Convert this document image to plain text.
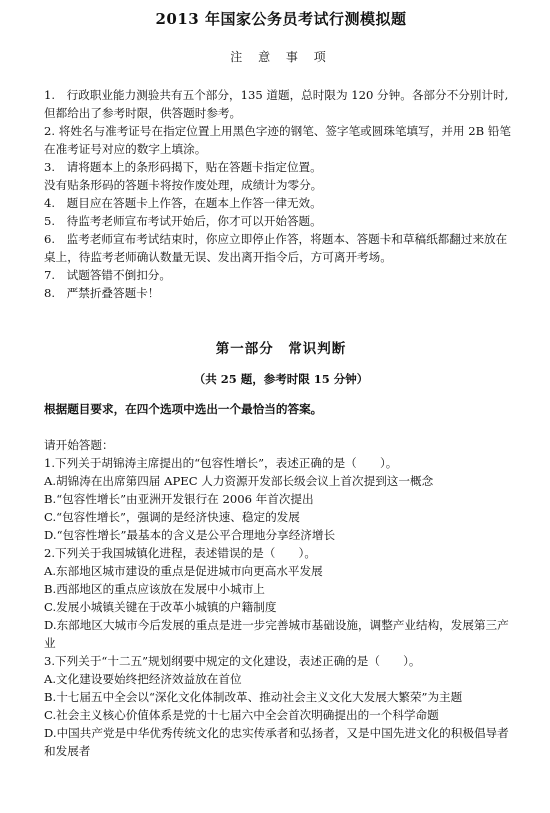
2013 年国家公务员考试行测模拟题
注 意 事 项

1.　行政职业能力测验共有五个部分，135 道题，总时限为 120 分钟。各部分不分别计时,但都给出了参考时限，供答题时参考。

2. 将姓名与准考证号在指定位置上用黑色字迹的钢笔、签字笔或圆珠笔填写，并用 2B 铅笔在准考证号对应的数字上填涂。

3.　请将题本上的条形码揭下，贴在答题卡指定位置。

没有贴条形码的答题卡将按作废处理，成绩计为零分。

4.　题目应在答题卡上作答，在题本上作答一律无效。

5.　待监考老师宣布考试开始后，你才可以开始答题。

6.　监考老师宣布考试结束时，你应立即停止作答，将题本、答题卡和草稿纸都翻过来放在桌上，待监考老师确认数量无误、发出离开指令后，方可离开考场。

7.　试题答错不倒扣分。

8.　严禁折叠答题卡！

第一部分　常识判断
（共 25 题，参考时限 15 分钟）

根据题目要求，在四个选项中选出一个最恰当的答案。

请开始答题：

1.下列关于胡锦涛主席提出的“包容性增长”，表述正确的是（　　）。

A.胡锦涛在出席第四届 APEC 人力资源开发部长级会议上首次提到这一概念

B.“包容性增长”由亚洲开发银行在 2006 年首次提出

C.“包容性增长”，强调的是经济快速、稳定的发展

D.“包容性增长”最基本的含义是公平合理地分享经济增长

2.下列关于我国城镇化进程，表述错误的是（　　）。

A.东部地区城市建设的重点是促进城市向更高水平发展

B.西部地区的重点应该放在发展中小城市上

C.发展小城镇关键在于改革小城镇的户籍制度

D.东部地区大城市今后发展的重点是进一步完善城市基础设施，调整产业结构，发展第三产业

3.下列关于“十二五”规划纲要中规定的文化建设，表述正确的是（　　）。

A.文化建设要始终把经济效益放在首位

B.十七届五中全会以“深化文化体制改革、推动社会主义文化大发展大繁荣”为主题

C.社会主义核心价值体系是党的十七届六中全会首次明确提出的一个科学命题

D.中国共产党是中华优秀传统文化的忠实传承者和弘扬者，又是中国先进文化的积极倡导者和发展者
